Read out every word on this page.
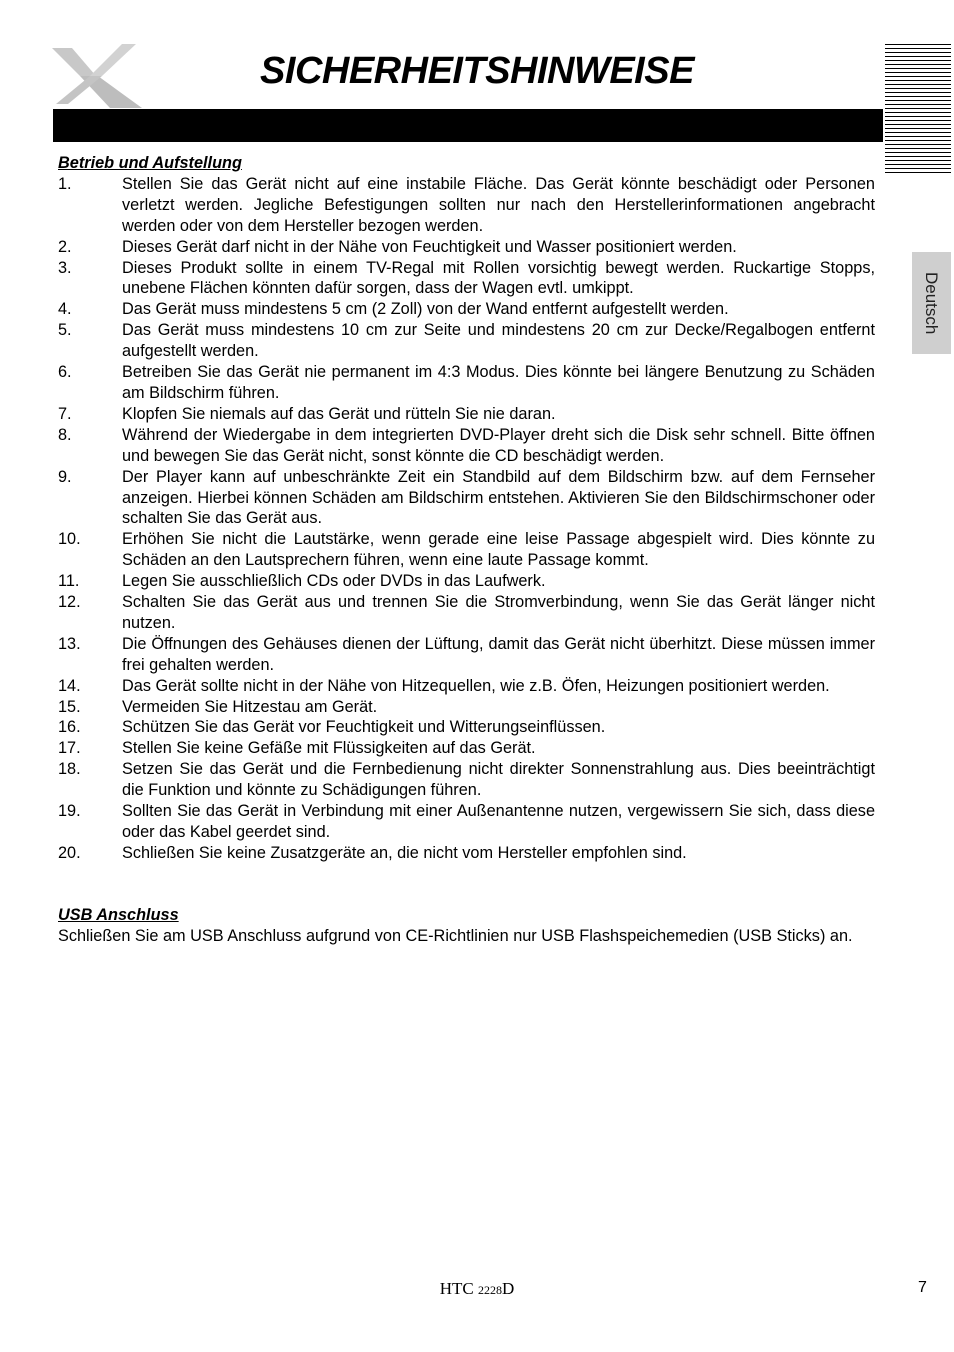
SICHERHEITSHINWEISE
Deutsch

Betrieb und Aufstellung

1.	Stellen Sie das Gerät nicht auf eine instabile Fläche. Das Gerät könnte beschädigt oder Personen verletzt werden. Jegliche Befestigungen sollten nur nach den Herstellerinformationen angebracht werden oder von dem Hersteller bezogen werden.
2.	Dieses Gerät darf nicht in der Nähe von Feuchtigkeit und Wasser positioniert werden.
3.	Dieses Produkt sollte in einem TV-Regal mit Rollen vorsichtig bewegt werden. Ruckartige Stopps, unebene Flächen könnten dafür sorgen, dass der Wagen evtl. umkippt.
4.	Das Gerät muss mindestens 5 cm (2 Zoll) von der Wand entfernt aufgestellt werden.
5.	Das Gerät muss mindestens 10 cm zur Seite und mindestens 20 cm zur Decke/Regalbogen entfernt aufgestellt werden.
6.	Betreiben Sie das Gerät nie permanent im 4:3 Modus. Dies könnte bei längere Benutzung zu Schäden am Bildschirm führen.
7.	Klopfen Sie niemals auf das Gerät und rütteln Sie nie daran.
8.	Während der Wiedergabe in dem integrierten DVD-Player dreht sich die Disk sehr schnell. Bitte öffnen und bewegen Sie das Gerät nicht, sonst könnte die CD beschädigt werden.
9.	Der Player kann auf unbeschränkte Zeit ein Standbild auf dem Bildschirm bzw. auf dem Fernseher anzeigen. Hierbei können Schäden am Bildschirm entstehen. Aktivieren Sie den Bildschirmschoner oder schalten Sie das Gerät aus.
10.	Erhöhen Sie nicht die Lautstärke, wenn gerade eine leise Passage abgespielt wird. Dies könnte zu Schäden an den Lautsprechern führen, wenn eine laute Passage kommt.
11.	Legen Sie ausschließlich CDs oder DVDs in das Laufwerk.
12.	Schalten Sie das Gerät aus und trennen Sie die Stromverbindung, wenn Sie das Gerät länger nicht nutzen.
13.	Die Öffnungen des Gehäuses dienen der Lüftung, damit das Gerät nicht überhitzt. Diese müssen immer frei gehalten werden.
14.	Das Gerät sollte nicht in der Nähe von Hitzequellen, wie z.B. Öfen, Heizungen positioniert werden.
15.	Vermeiden Sie Hitzestau am Gerät.
16.	Schützen Sie das Gerät vor Feuchtigkeit und Witterungseinflüssen.
17.	Stellen Sie keine Gefäße mit Flüssigkeiten auf das Gerät.
18.	Setzen Sie das Gerät und die Fernbedienung nicht direkter Sonnenstrahlung aus. Dies beeinträchtigt die Funktion und könnte zu Schädigungen führen.
19.	Sollten Sie das Gerät in Verbindung mit einer Außenantenne nutzen, vergewissern Sie sich, dass diese oder das Kabel geerdet sind.
20.	Schließen Sie keine Zusatzgeräte an, die nicht vom Hersteller empfohlen sind.

USB Anschluss

Schließen Sie am USB Anschluss aufgrund von CE-Richtlinien nur USB Flashspeichemedien (USB Sticks) an.

HTC 2228D	7
